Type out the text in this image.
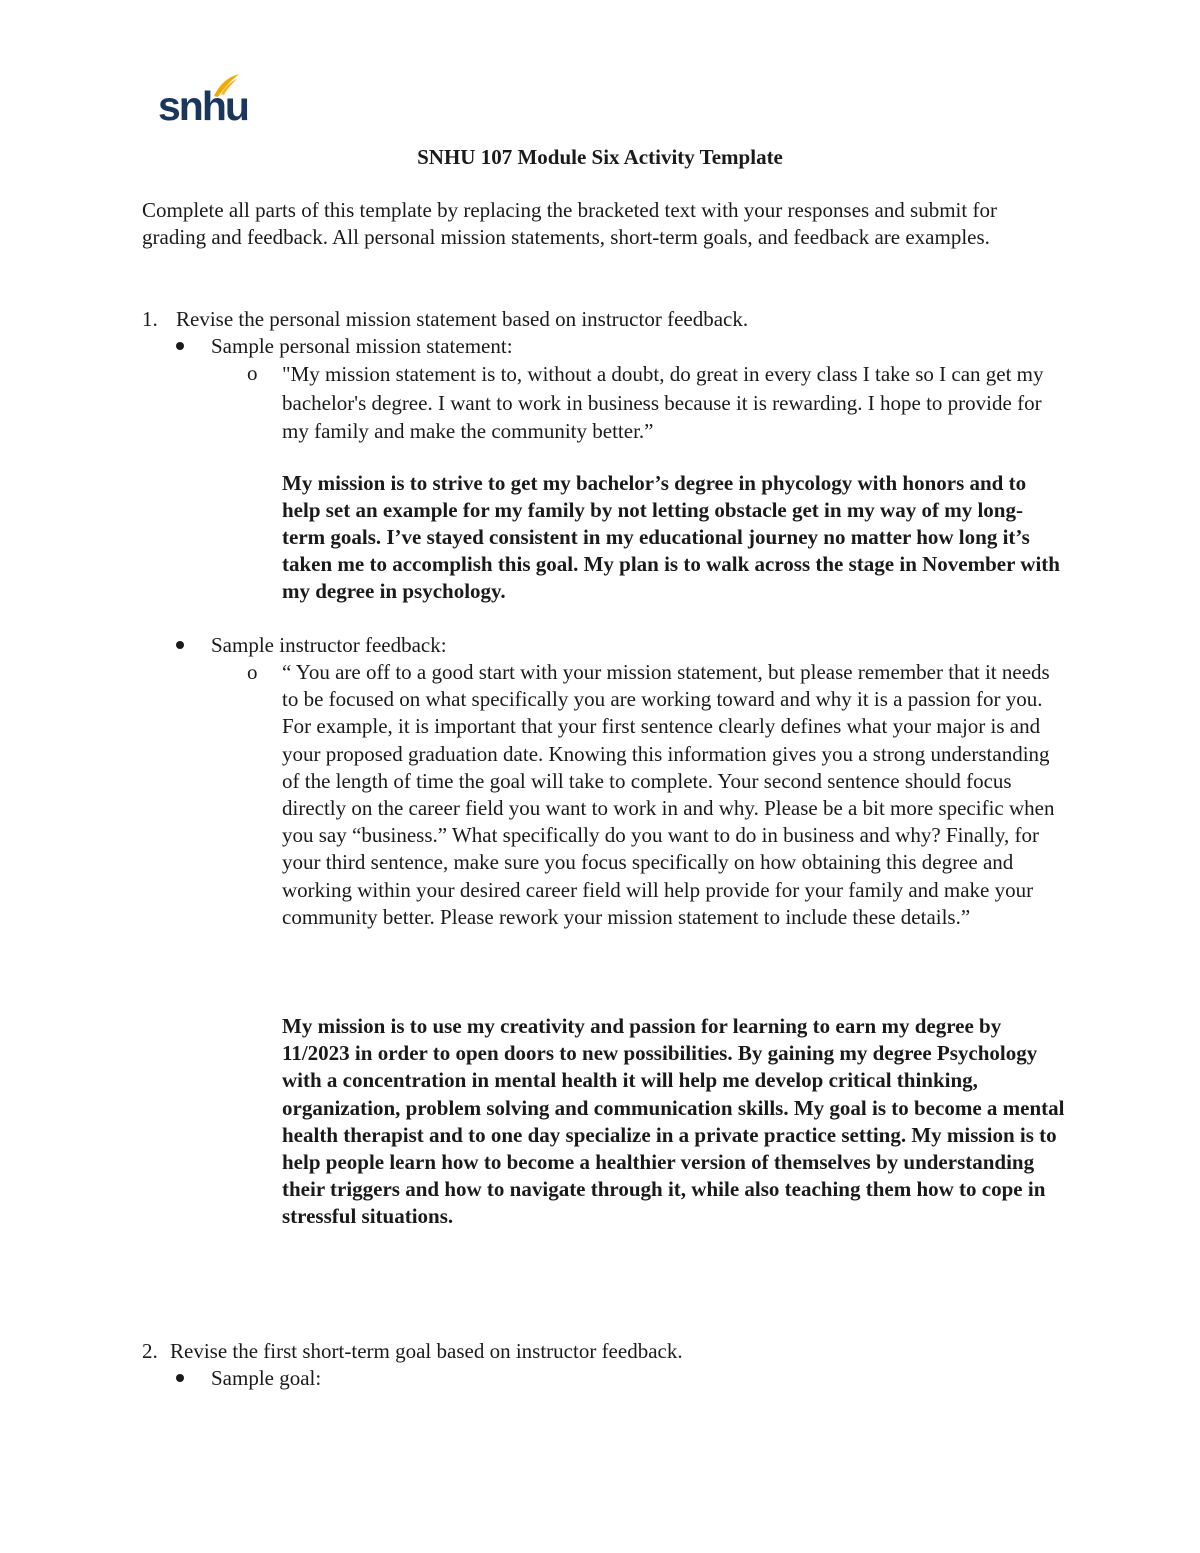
snhu
SNHU 107 Module Six Activity Template
Complete all parts of this template by replacing the bracketed text with your responses and submit for grading and feedback. All personal mission statements, short-term goals, and feedback are examples.
1. Revise the personal mission statement based on instructor feedback.
Sample personal mission statement:
o "My mission statement is to, without a doubt, do great in every class I take so I can get my bachelor's degree. I want to work in business because it is rewarding. I hope to provide for my family and make the community better.”
My mission is to strive to get my bachelor’s degree in phycology with honors and to help set an example for my family by not letting obstacle get in my way of my long-term goals. I’ve stayed consistent in my educational journey no matter how long it’s taken me to accomplish this goal. My plan is to walk across the stage in November with my degree in psychology.
Sample instructor feedback:
o “ You are off to a good start with your mission statement, but please remember that it needs to be focused on what specifically you are working toward and why it is a passion for you. For example, it is important that your first sentence clearly defines what your major is and your proposed graduation date. Knowing this information gives you a strong understanding of the length of time the goal will take to complete. Your second sentence should focus directly on the career field you want to work in and why. Please be a bit more specific when you say “business.” What specifically do you want to do in business and why? Finally, for your third sentence, make sure you focus specifically on how obtaining this degree and working within your desired career field will help provide for your family and make your community better. Please rework your mission statement to include these details.”
My mission is to use my creativity and passion for learning to earn my degree by 11/2023 in order to open doors to new possibilities. By gaining my degree Psychology with a concentration in mental health it will help me develop critical thinking, organization, problem solving and communication skills. My goal is to become a mental health therapist and to one day specialize in a private practice setting. My mission is to help people learn how to become a healthier version of themselves by understanding their triggers and how to navigate through it, while also teaching them how to cope in stressful situations.
2. Revise the first short-term goal based on instructor feedback.
Sample goal:
